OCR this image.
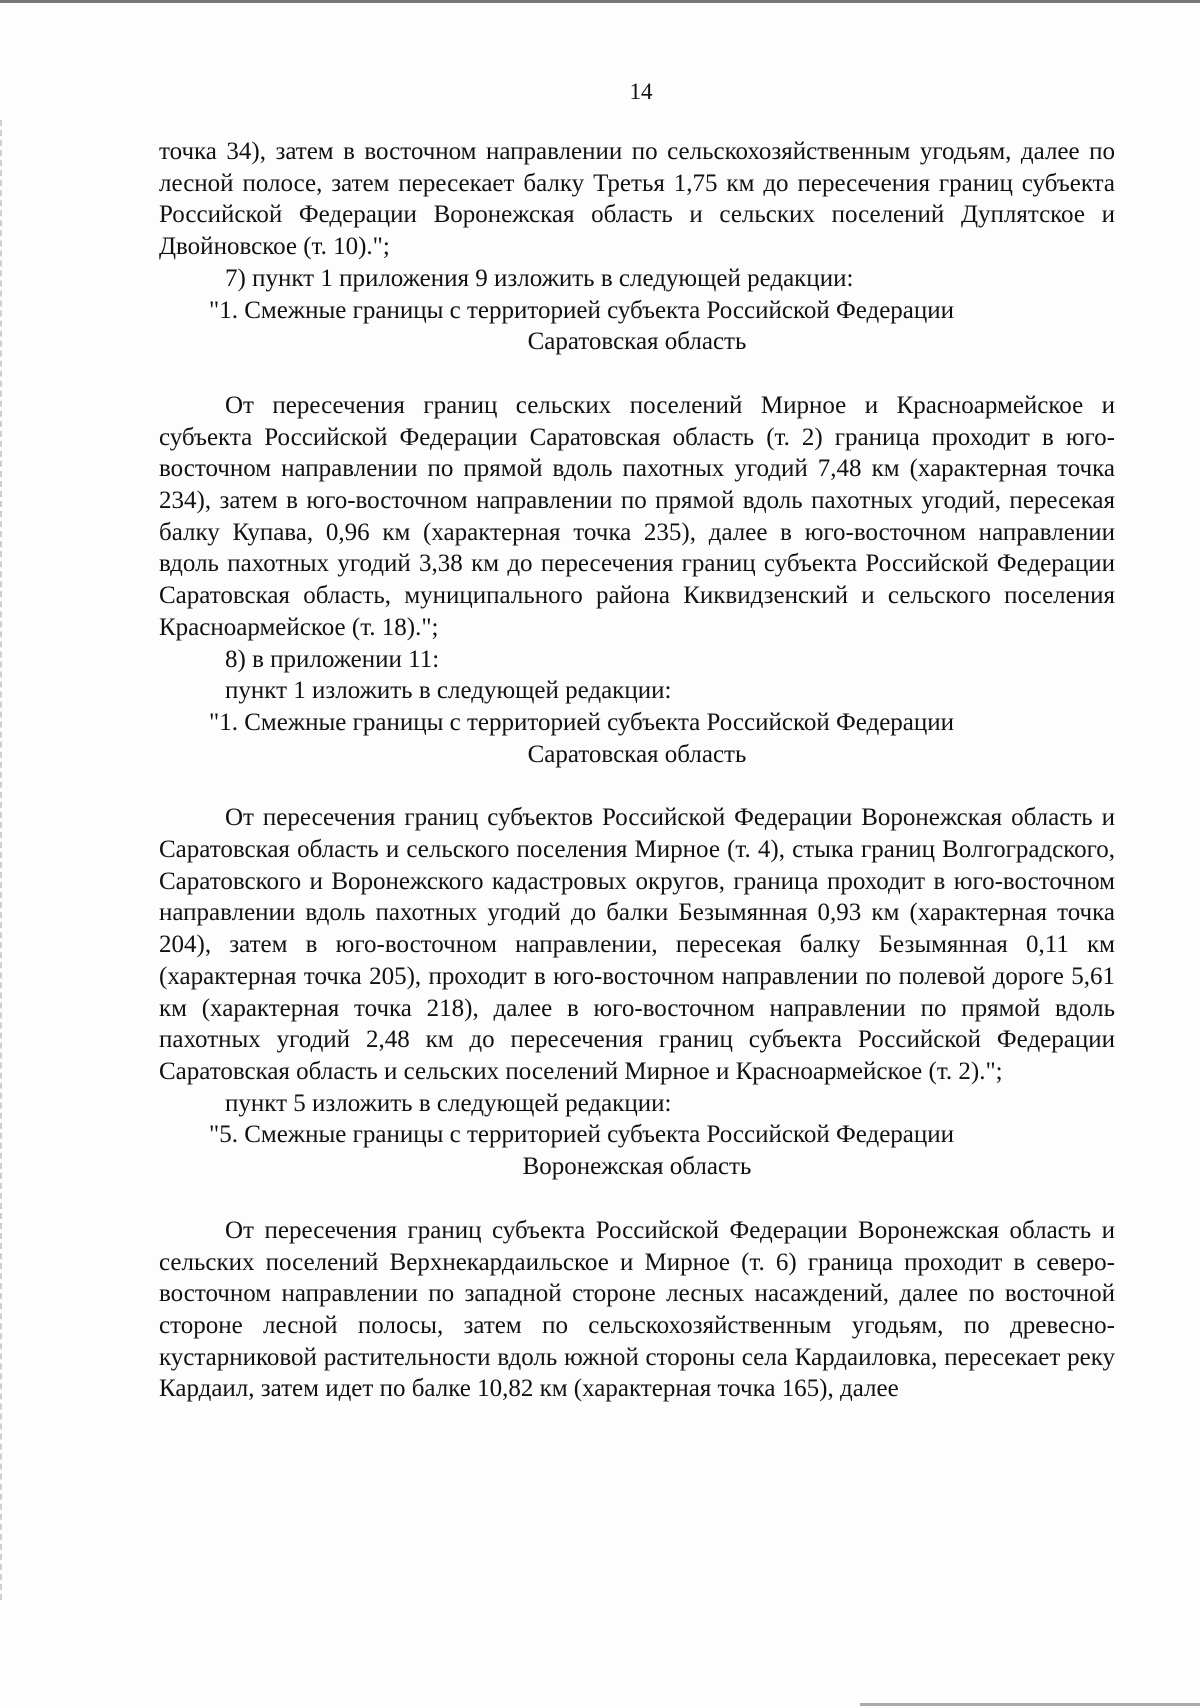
14

точка 34), затем в восточном направлении по сельскохозяйственным угодьям, далее по лесной полосе, затем пересекает балку Третья 1,75 км до пересечения границ субъекта Российской Федерации Воронежская область и сельских поселений Дуплятское и Двойновское (т. 10).";

7) пункт 1 приложения 9 изложить в следующей редакции:

"1. Смежные границы с территорией субъекта Российской Федерации

Саратовская область

От пересечения границ сельских поселений Мирное и Красноармейское и субъекта Российской Федерации Саратовская область (т. 2) граница проходит в юго-восточном направлении по прямой вдоль пахотных угодий 7,48 км (характерная точка 234), затем в юго-восточном направлении по прямой вдоль пахотных угодий, пересекая балку Купава, 0,96 км (характерная точка 235), далее в юго-восточном направлении вдоль пахотных угодий 3,38 км до пересечения границ субъекта Российской Федерации Саратовская область, муниципального района Киквидзенский и сельского поселения Красноармейское (т. 18).";

8) в приложении 11:

пункт 1 изложить в следующей редакции:

"1. Смежные границы с территорией субъекта Российской Федерации

Саратовская область

От пересечения границ субъектов Российской Федерации Воронежская область и Саратовская область и сельского поселения Мирное (т. 4), стыка границ Волгоградского, Саратовского и Воронежского кадастровых округов, граница проходит в юго-восточном направлении вдоль пахотных угодий до балки Безымянная 0,93 км (характерная точка 204), затем в юго-восточном направлении, пересекая балку Безымянная 0,11 км (характерная точка 205), проходит в юго-восточном направлении по полевой дороге 5,61 км (характерная точка 218), далее в юго-восточном направлении по прямой вдоль пахотных угодий 2,48 км до пересечения границ субъекта Российской Федерации Саратовская область и сельских поселений Мирное и Красноармейское (т. 2).";

пункт 5 изложить в следующей редакции:

"5. Смежные границы с территорией субъекта Российской Федерации

Воронежская область

От пересечения границ субъекта Российской Федерации Воронежская область и сельских поселений Верхнекардаильское и Мирное (т. 6) граница проходит в северо-восточном направлении по западной стороне лесных насаждений, далее по восточной стороне лесной полосы, затем по сельскохозяйственным угодьям, по древесно-кустарниковой растительности вдоль южной стороны села Кардаиловка, пересекает реку Кардаил, затем идет по балке 10,82 км (характерная точка 165), далее
